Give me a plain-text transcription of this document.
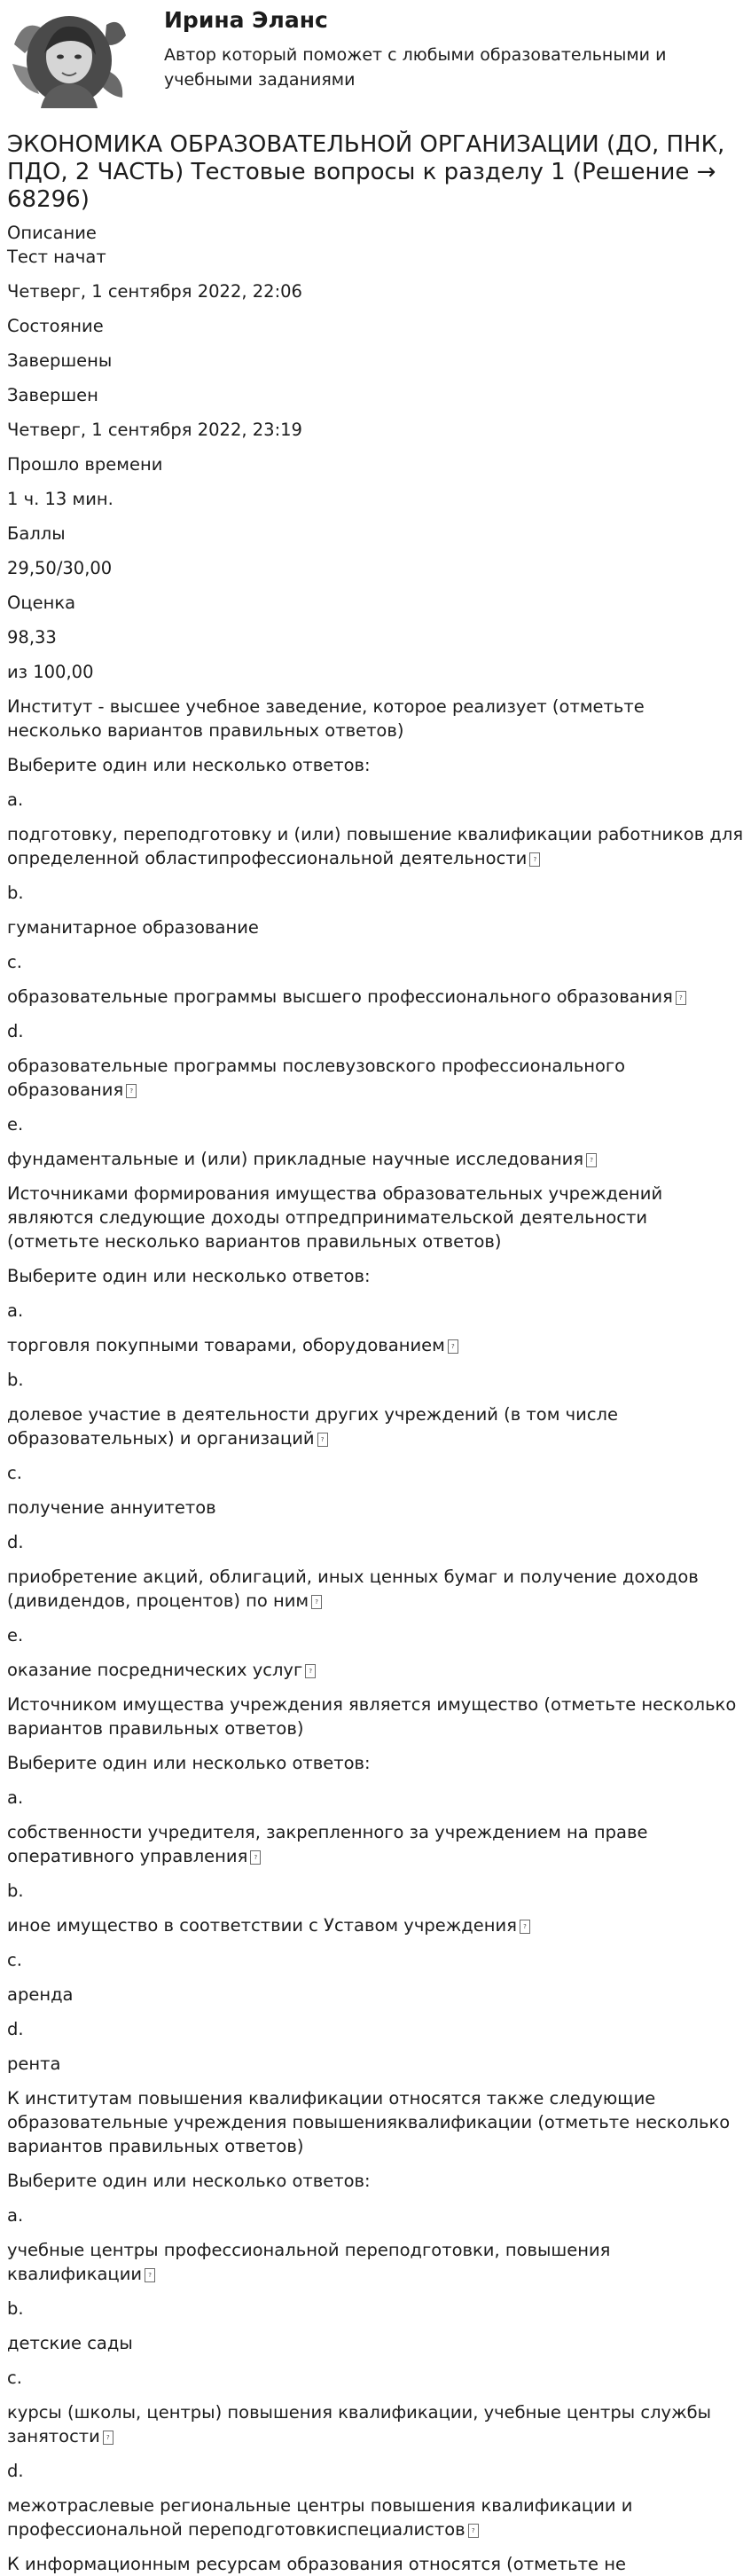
Ирина Эланс
Автор который поможет с любыми образовательными и учебными заданиями
ЭКОНОМИКА ОБРАЗОВАТЕЛЬНОЙ ОРГАНИЗАЦИИ (ДО, ПНК, ПДО, 2 ЧАСТЬ) Тестовые вопросы к разделу 1 (Решение → 68296)
Описание
Тест начат
Четверг, 1 сентября 2022, 22:06
Состояние
Завершены
Завершен
Четверг, 1 сентября 2022, 23:19
Прошло времени
1 ч. 13 мин.
Баллы
29,50/30,00
Оценка
98,33
из 100,00
Институт - высшее учебное заведение, которое реализует (отметьте несколько вариантов правильных ответов)
Выберите один или несколько ответов:
a.
подготовку, переподготовку и (или) повышение квалификации работников для определенной областипрофессиональной деятельности ?
b.
гуманитарное образование
c.
образовательные программы высшего профессионального образования ?
d.
образовательные программы послевузовского профессионального образования ?
e.
фундаментальные и (или) прикладные научные исследования ?
Источниками формирования имущества образовательных учреждений являются следующие доходы отпредпринимательской деятельности (отметьте несколько вариантов правильных ответов)
Выберите один или несколько ответов:
a.
торговля покупными товарами, оборудованием ?
b.
долевое участие в деятельности других учреждений (в том числе образовательных) и организаций ?
c.
получение аннуитетов
d.
приобретение акций, облигаций, иных ценных бумаг и получение доходов (дивидендов, процентов) по ним ?
e.
оказание посреднических услуг ?
Источником имущества учреждения является имущество (отметьте несколько вариантов правильных ответов)
Выберите один или несколько ответов:
a.
собственности учредителя, закрепленного за учреждением на праве оперативного управления ?
b.
иное имущество в соответствии с Уставом учреждения ?
c.
аренда
d.
рента
К институтам повышения квалификации относятся также следующие образовательные учреждения повышенияквалификации (отметьте несколько вариантов правильных ответов)
Выберите один или несколько ответов:
a.
учебные центры профессиональной переподготовки, повышения квалификации ?
b.
детские сады
c.
курсы (школы, центры) повышения квалификации, учебные центры службы занятости ?
d.
межотраслевые региональные центры повышения квалификации и профессиональной переподготовкиспециалистов ?
К информационным ресурсам образования относятся (отметьте не
